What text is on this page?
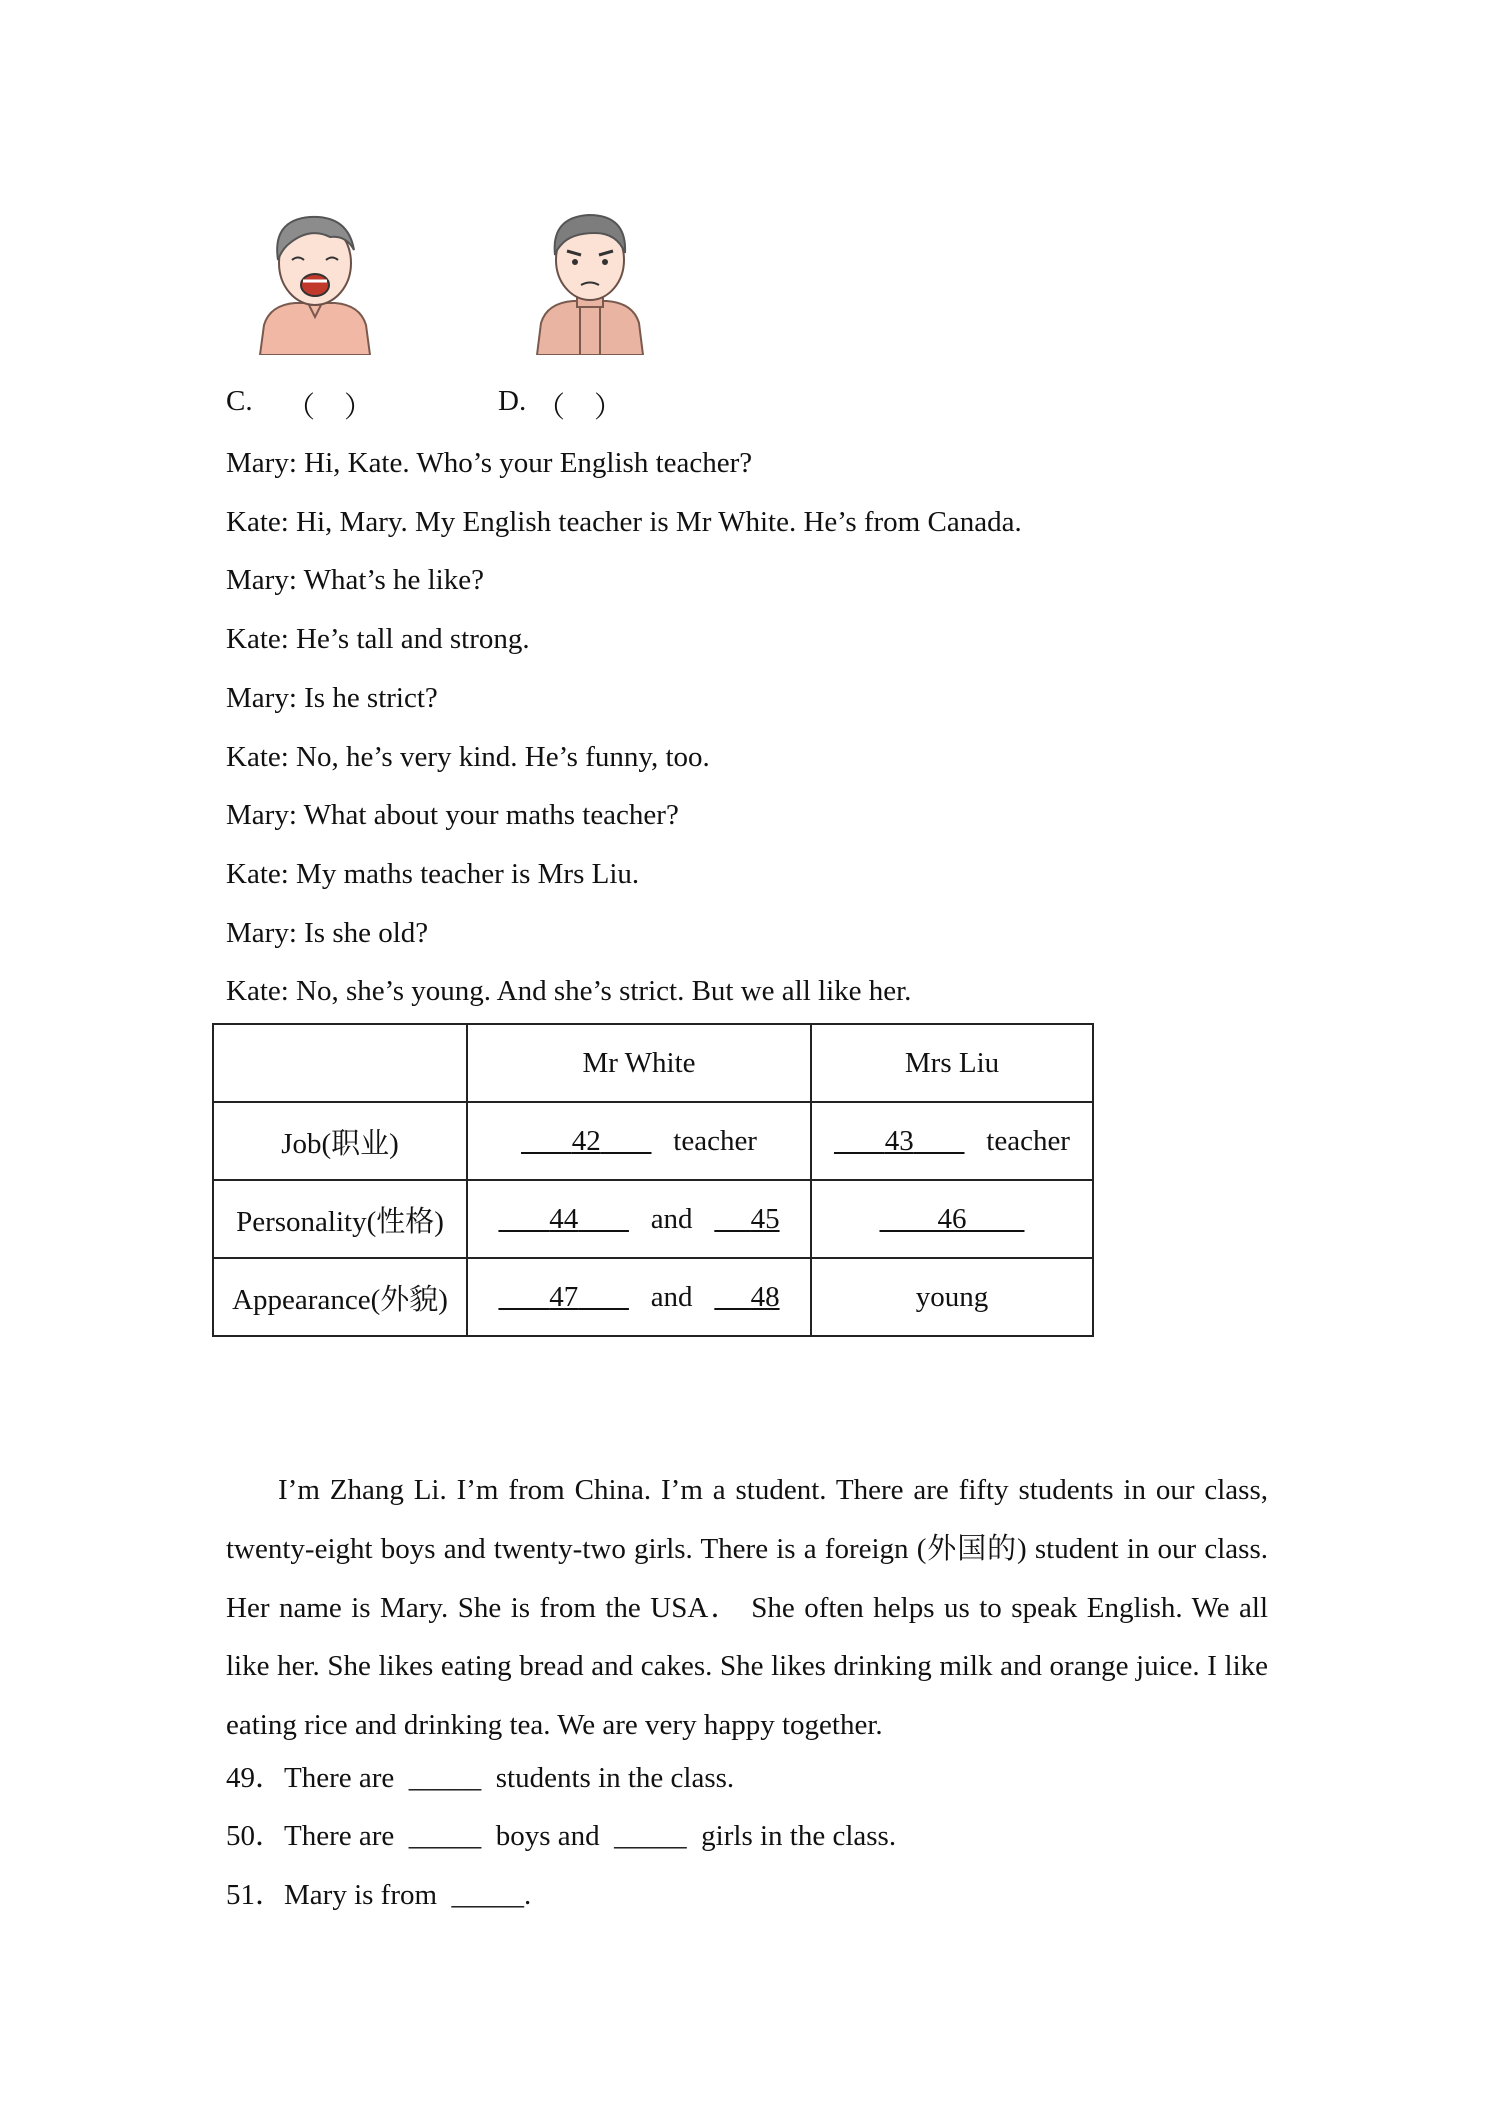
C. （    ）	D. （    ）
Mary: Hi, Kate. Who’s your English teacher?
Kate: Hi, Mary. My English teacher is Mr White. He’s from Canada.
Mary: What’s he like?
Kate: He’s tall and strong.
Mary: Is he strict?
Kate: No, he’s very kind. He’s funny, too.
Mary: What about your maths teacher?
Kate: My maths teacher is Mrs Liu.
Mary: Is she old?
Kate: No, she’s young. And she’s strict. But we all like her.
	Mr White	Mrs Liu
Job(职业)	42 teacher	43 teacher
Personality(性格)	44 and 45	46
Appearance(外貌)	47 and 48	young
I’m Zhang Li. I’m from China. I’m a student. There are fifty students in our class, twenty-eight boys and twenty-two girls. There is a foreign (外国的) student in our class. Her name is Mary. She is from the USA． She often helps us to speak English. We all like her. She likes eating bread and cakes. She likes drinking milk and orange juice. I like eating rice and drinking tea. We are very happy together.
49．There are  _____  students in the class.
50．There are  _____  boys and  _____  girls in the class.
51．Mary is from  _____.
